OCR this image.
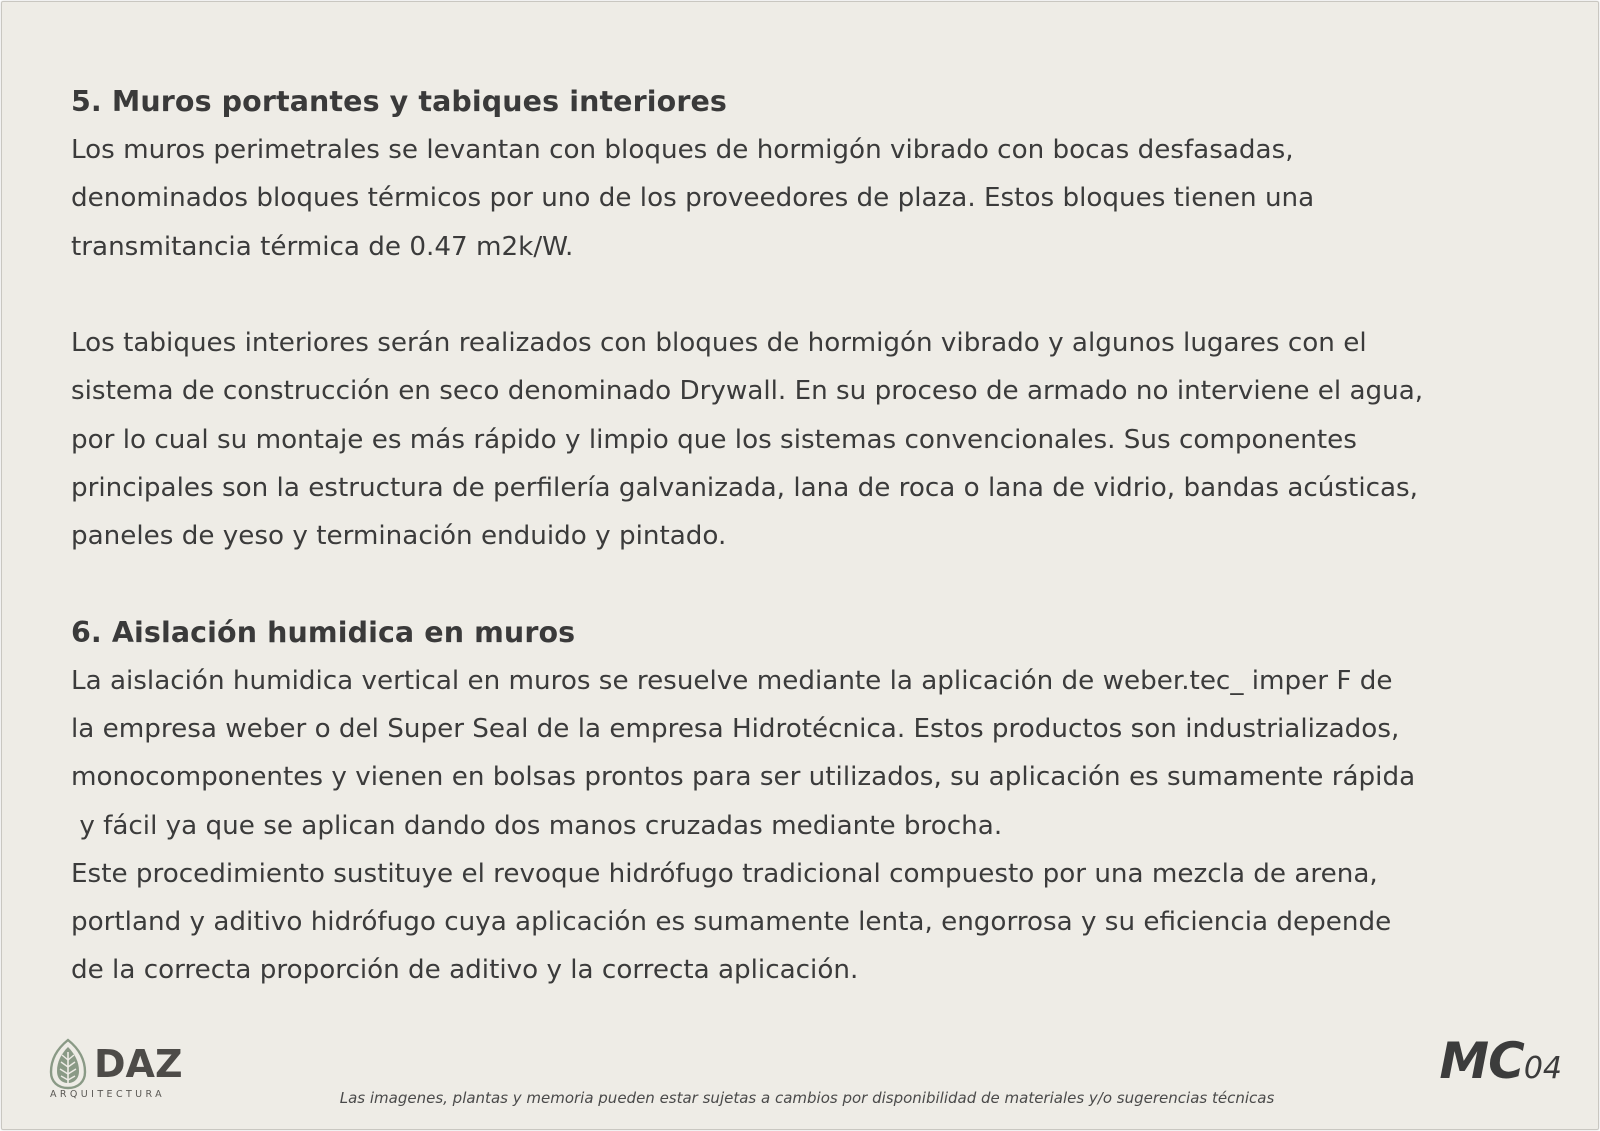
5. Muros portantes y tabiques interiores
Los muros perimetrales se levantan con bloques de hormigón vibrado con bocas desfasadas,
denominados bloques térmicos por uno de los proveedores de plaza. Estos bloques tienen una
transmitancia térmica de 0.47 m2k/W.
Los tabiques interiores serán realizados con bloques de hormigón vibrado y algunos lugares con el
sistema de construcción en seco denominado Drywall. En su proceso de armado no interviene el agua,
por lo cual su montaje es más rápido y limpio que los sistemas convencionales. Sus componentes
principales son la estructura de perfilería galvanizada, lana de roca o lana de vidrio, bandas acústicas,
paneles de yeso y terminación enduido y pintado.
6. Aislación humidica en muros
La aislación humidica vertical en muros se resuelve mediante la aplicación de weber.tec_ imper F de
la empresa weber o del Super Seal de la empresa Hidrotécnica. Estos productos son industrializados,
monocomponentes y vienen en bolsas prontos para ser utilizados, su aplicación es sumamente rápida
y fácil ya que se aplican dando dos manos cruzadas mediante brocha.
Este procedimiento sustituye el revoque hidrófugo tradicional compuesto por una mezcla de arena,
portland y aditivo hidrófugo cuya aplicación es sumamente lenta, engorrosa y su eficiencia depende
de la correcta proporción de aditivo y la correcta aplicación.
DAZ
ARQUITECTURA	Las imagenes, plantas y memoria pueden estar sujetas a cambios por disponibilidad de materiales y/o sugerencias técnicas
MC04
